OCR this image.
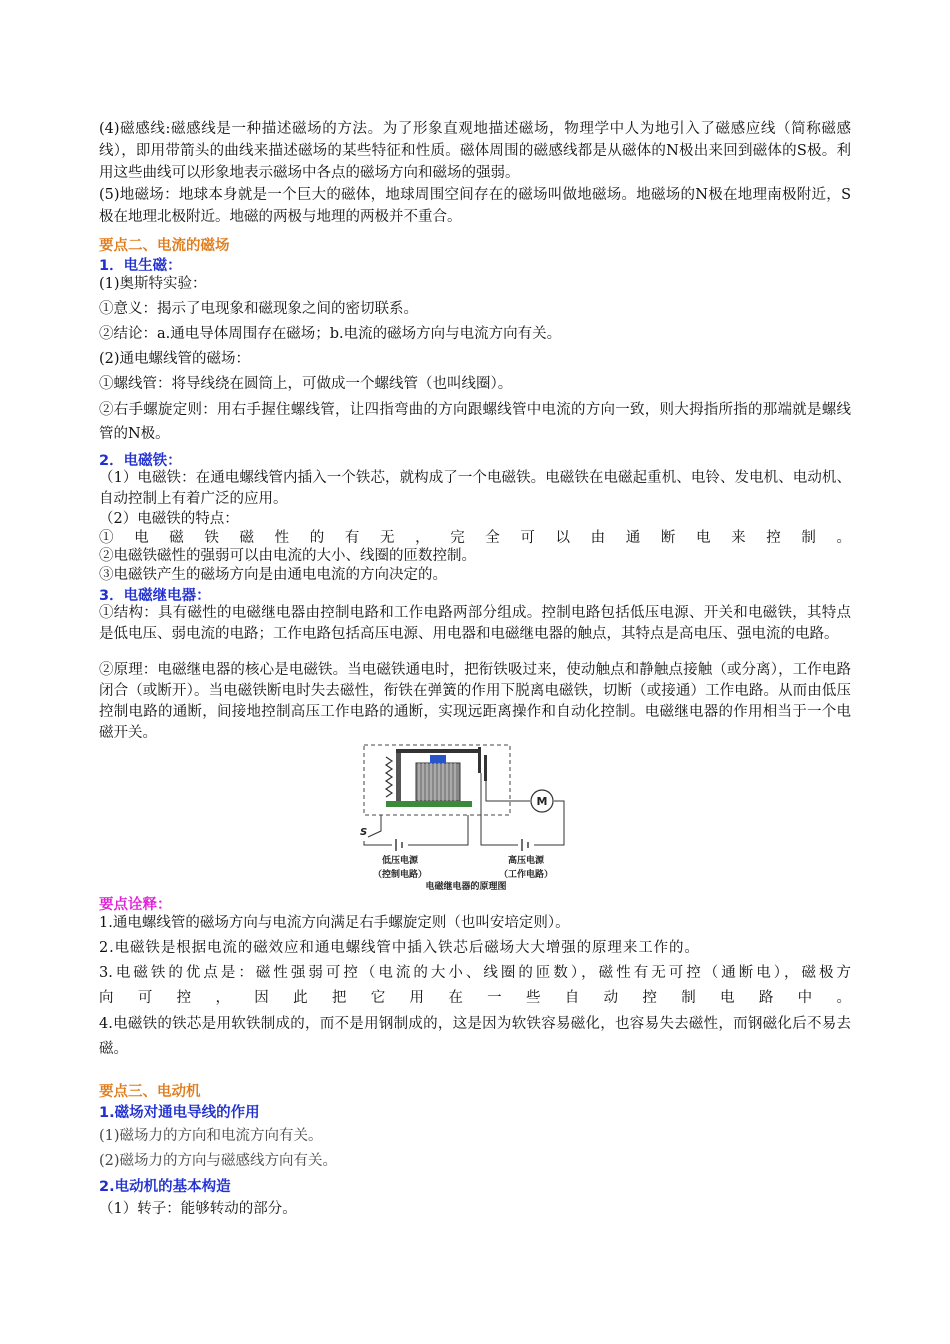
(4)磁感线:磁感线是一种描述磁场的方法。为了形象直观地描述磁场，物理学中人为地引入了磁感应线（简称磁感线），即用带箭头的曲线来描述磁场的某些特征和性质。磁体周围的磁感线都是从磁体的N极出来回到磁体的S极。利用这些曲线可以形象地表示磁场中各点的磁场方向和磁场的强弱。
(5)地磁场：地球本身就是一个巨大的磁体，地球周围空间存在的磁场叫做地磁场。地磁场的N极在地理南极附近，S极在地理北极附近。地磁的两极与地理的两极并不重合。
要点二、电流的磁场
1．电生磁：
(1)奥斯特实验：
①意义：揭示了电现象和磁现象之间的密切联系。
②结论：a.通电导体周围存在磁场；b.电流的磁场方向与电流方向有关。
(2)通电螺线管的磁场：
①螺线管：将导线绕在圆筒上，可做成一个螺线管（也叫线圈）。
②右手螺旋定则：用右手握住螺线管，让四指弯曲的方向跟螺线管中电流的方向一致，则大拇指所指的那端就是螺线管的N极。
2．电磁铁：
（1）电磁铁：在通电螺线管内插入一个铁芯，就构成了一个电磁铁。电磁铁在电磁起重机、电铃、发电机、电动机、自动控制上有着广泛的应用。
（2）电磁铁的特点：
①电磁铁磁性的有无，完全可以由通断电来控制。
②电磁铁磁性的强弱可以由电流的大小、线圈的匝数控制。
③电磁铁产生的磁场方向是由通电电流的方向决定的。
3．电磁继电器：
①结构：具有磁性的电磁继电器由控制电路和工作电路两部分组成。控制电路包括低压电源、开关和电磁铁，其特点是低电压、弱电流的电路；工作电路包括高压电源、用电器和电磁继电器的触点，其特点是高电压、强电流的电路。
②原理：电磁继电器的核心是电磁铁。当电磁铁通电时，把衔铁吸过来，使动触点和静触点接触（或分离），工作电路闭合（或断开）。当电磁铁断电时失去磁性，衔铁在弹簧的作用下脱离电磁铁，切断（或接通）工作电路。从而由低压控制电路的通断，间接地控制高压工作电路的通断，实现远距离操作和自动化控制。电磁继电器的作用相当于一个电磁开关。
M
S
低压电源
（控制电路）
高压电源
（工作电路）
电磁继电器的原理图
要点诠释：
1.通电螺线管的磁场方向与电流方向满足右手螺旋定则（也叫安培定则）。
2.电磁铁是根据电流的磁效应和通电螺线管中插入铁芯后磁场大大增强的原理来工作的。
3.电磁铁的优点是：磁性强弱可控（电流的大小、线圈的匝数），磁性有无可控（通断电），磁极方
向可控，因此把它用在一些自动控制电路中。
4.电磁铁的铁芯是用软铁制成的，而不是用钢制成的，这是因为软铁容易磁化，也容易失去磁性，而钢磁化后不易去磁。
要点三、电动机
1.磁场对通电导线的作用
(1)磁场力的方向和电流方向有关。
(2)磁场力的方向与磁感线方向有关。
2.电动机的基本构造
（1）转子：能够转动的部分。
